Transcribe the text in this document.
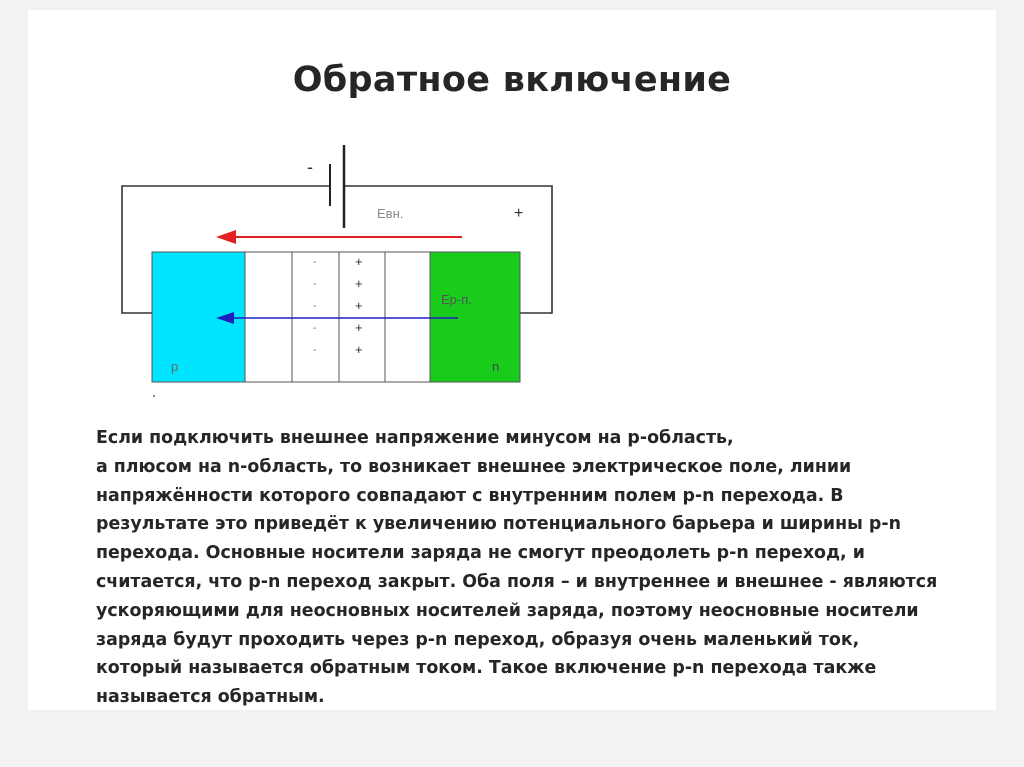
Обратное включение
-
+
Евн.
р	n
Ер-п.
-
-
-
-
-
+
+
+
+
+
Если подключить внешнее напряжение минусом на р-область,
а плюсом на n-область, то возникает внешнее электрическое поле, линии
напряжённости которого совпадают с внутренним полем p-n перехода. В
результате это приведёт к увеличению потенциального барьера и ширины p-n
перехода. Основные носители заряда не смогут преодолеть p-n переход, и
считается, что p-n переход закрыт. Оба поля – и внутреннее и внешнее - являются
ускоряющими для неосновных носителей заряда, поэтому неосновные носители
заряда будут проходить через p-n переход, образуя очень маленький ток,
который называется обратным током. Такое включение p-n перехода также
называется обратным.
